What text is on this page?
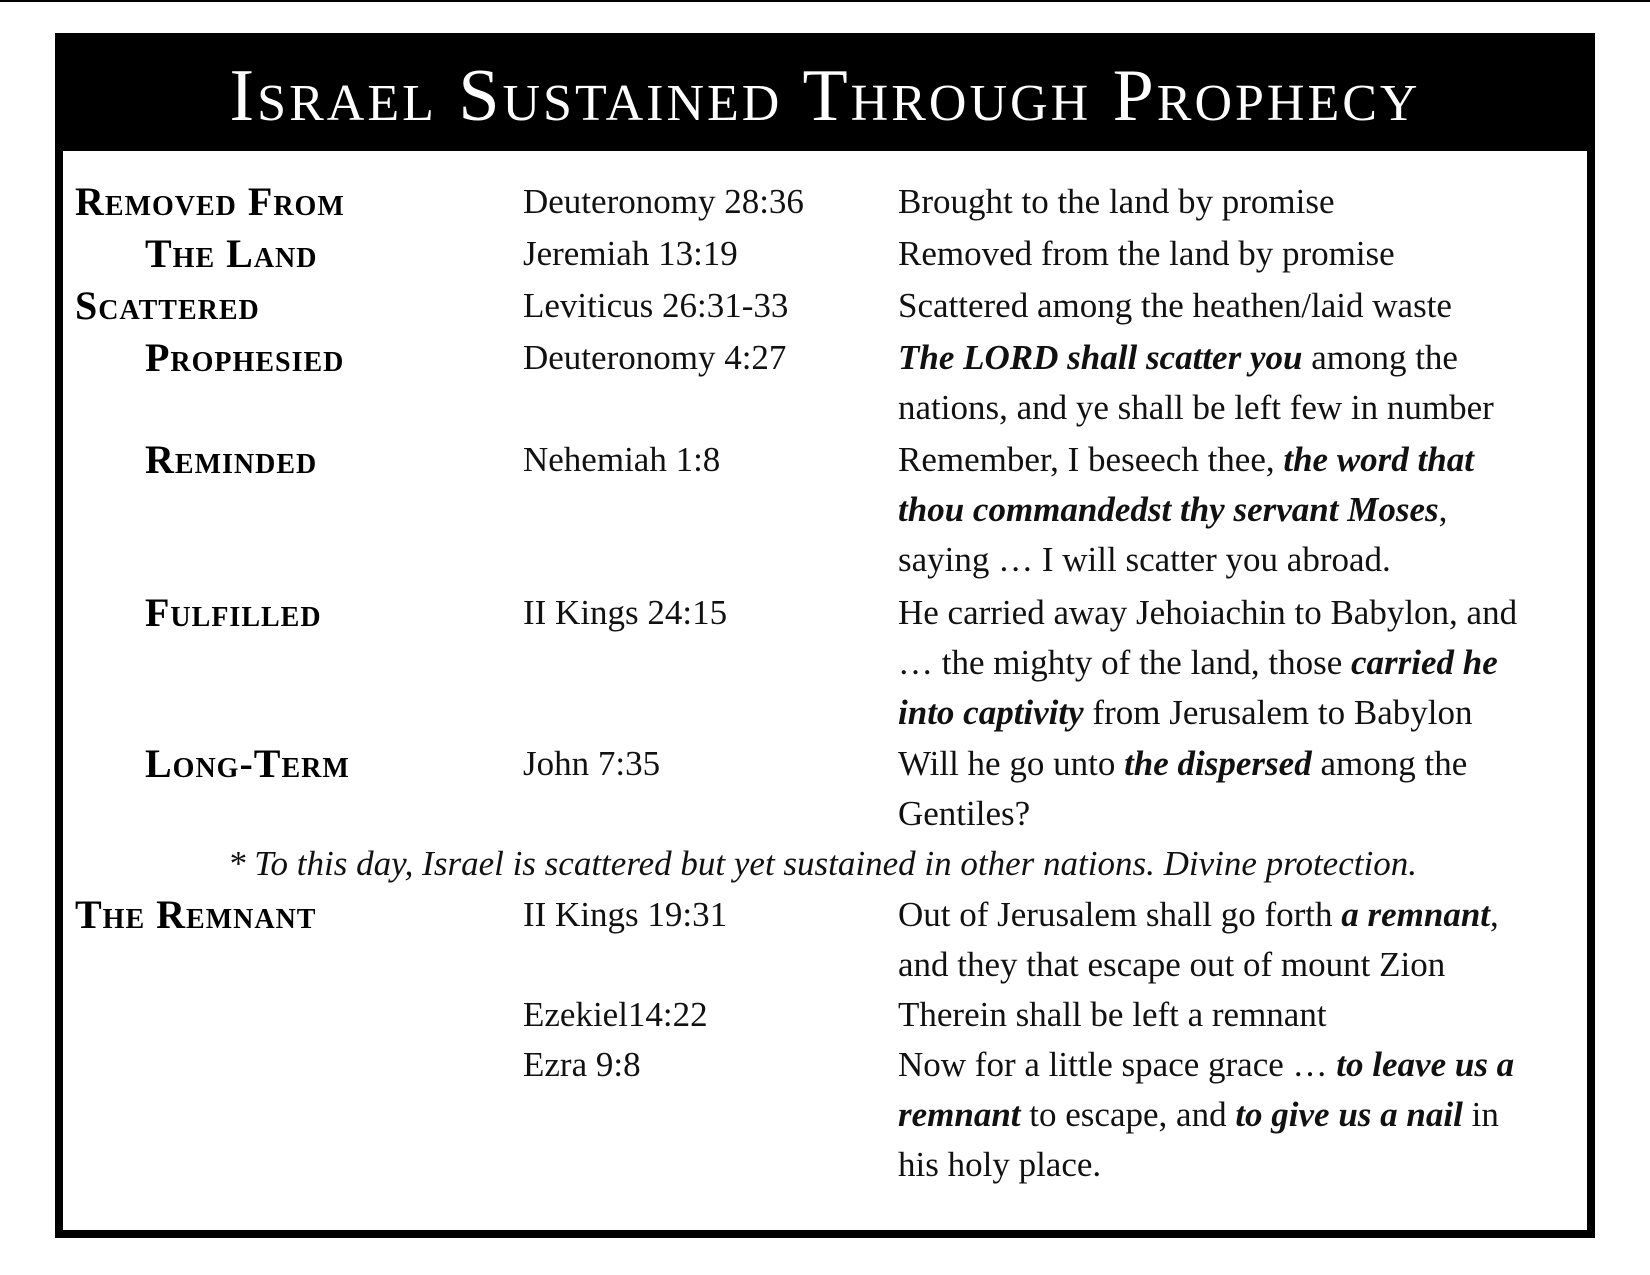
Israel Sustained Through Prophecy
Removed From
The Land
Scattered
Prophesied
Reminded
Fulfilled
Long-Term
The Remnant
Deuteronomy 28:36
Jeremiah 13:19
Leviticus 26:31-33
Deuteronomy 4:27
Nehemiah 1:8
II Kings 24:15
John 7:35
II Kings 19:31
Ezekiel14:22
Ezra 9:8
Brought to the land by promise
Removed from the land by promise
Scattered among the heathen/laid waste
The LORD shall scatter you among the
nations, and ye shall be left few in number
Remember, I beseech thee, the word that
thou commandedst thy servant Moses,
saying … I will scatter you abroad.
He carried away Jehoiachin to Babylon, and
… the mighty of the land, those carried he
into captivity from Jerusalem to Babylon
Will he go unto the dispersed among the
Gentiles?
* To this day, Israel is scattered but yet sustained in other nations. Divine protection.
Out of Jerusalem shall go forth a remnant,
and they that escape out of mount Zion
Therein shall be left a remnant
Now for a little space grace … to leave us a
remnant to escape, and to give us a nail in
his holy place.
